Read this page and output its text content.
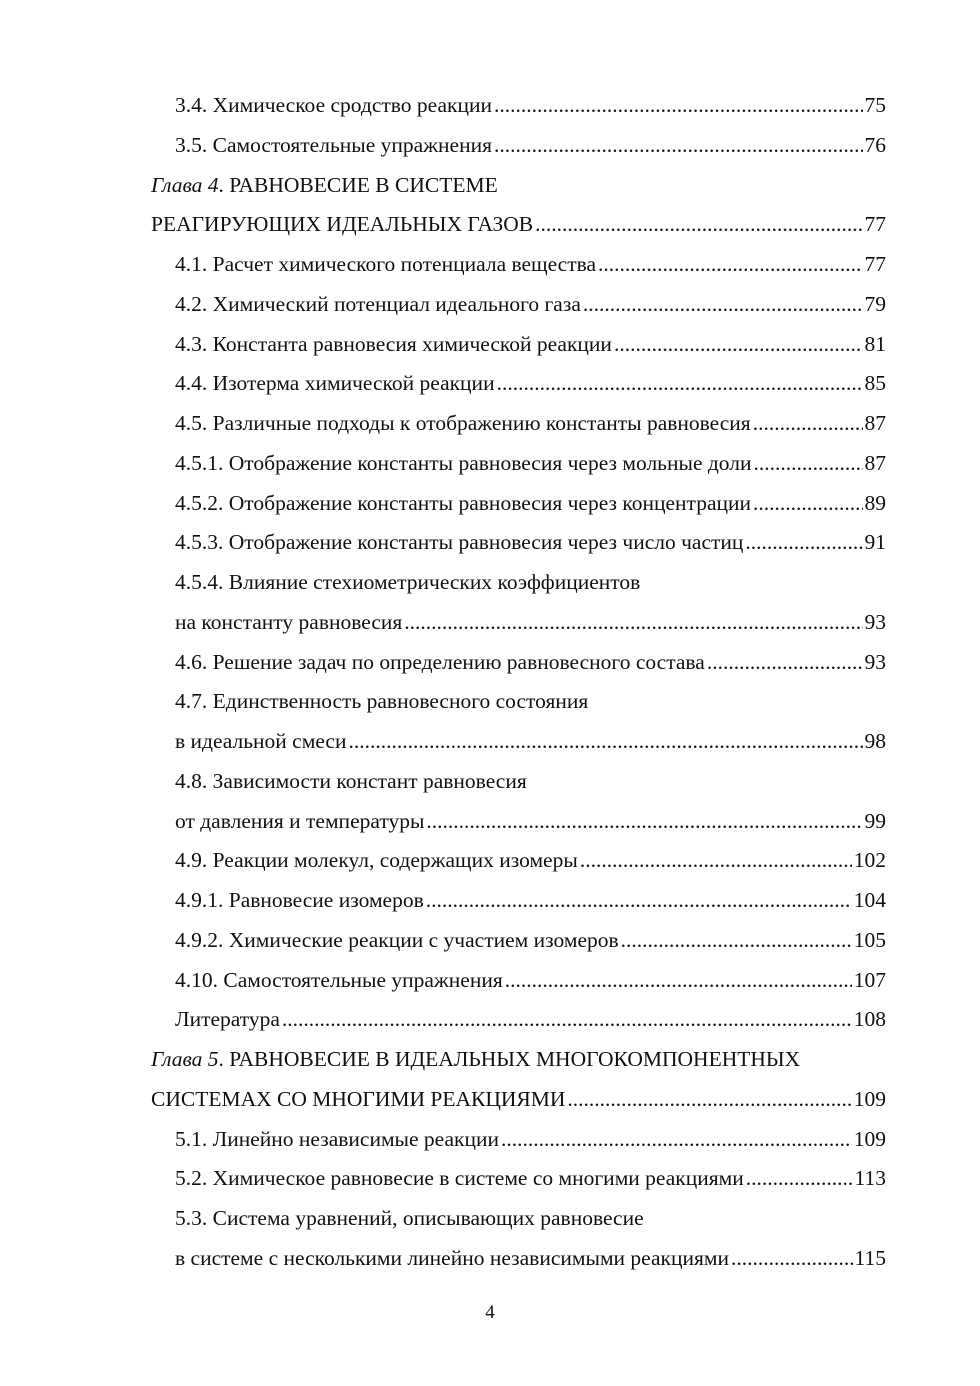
3.4. Химическое сродство реакции .....	75
3.5. Самостоятельные упражнения .....	76
Глава 4. РАВНОВЕСИЕ В СИСТЕМЕ
РЕАГИРУЮЩИХ ИДЕАЛЬНЫХ ГАЗОВ .....	77
4.1. Расчет химического потенциала вещества .....	77
4.2. Химический потенциал идеального газа .....	79
4.3. Константа равновесия химической реакции .....	81
4.4. Изотерма химической реакции .....	85
4.5. Различные подходы к отображению константы равновесия .....	87
4.5.1. Отображение константы равновесия через мольные доли .....	87
4.5.2. Отображение константы равновесия через концентрации .....	89
4.5.3. Отображение константы равновесия через число частиц .....	91
4.5.4. Влияние стехиометрических коэффициентов
на константу равновесия .....	93
4.6. Решение задач по определению равновесного состава .....	93
4.7. Единственность равновесного состояния
в идеальной смеси .....	98
4.8. Зависимости констант равновесия
от давления и температуры .....	99
4.9. Реакции молекул, содержащих изомеры .....	102
4.9.1. Равновесие изомеров .....	104
4.9.2. Химические реакции с участием изомеров .....	105
4.10. Самостоятельные упражнения .....	107
Литература .....	108
Глава 5. РАВНОВЕСИЕ В ИДЕАЛЬНЫХ МНОГОКОМПОНЕНТНЫХ
СИСТЕМАХ СО МНОГИМИ РЕАКЦИЯМИ .....	109
5.1. Линейно независимые реакции .....	109
5.2. Химическое равновесие в системе со многими реакциями .....	113
5.3. Система уравнений, описывающих равновесие
в системе с несколькими линейно независимыми реакциями .....	115
4
